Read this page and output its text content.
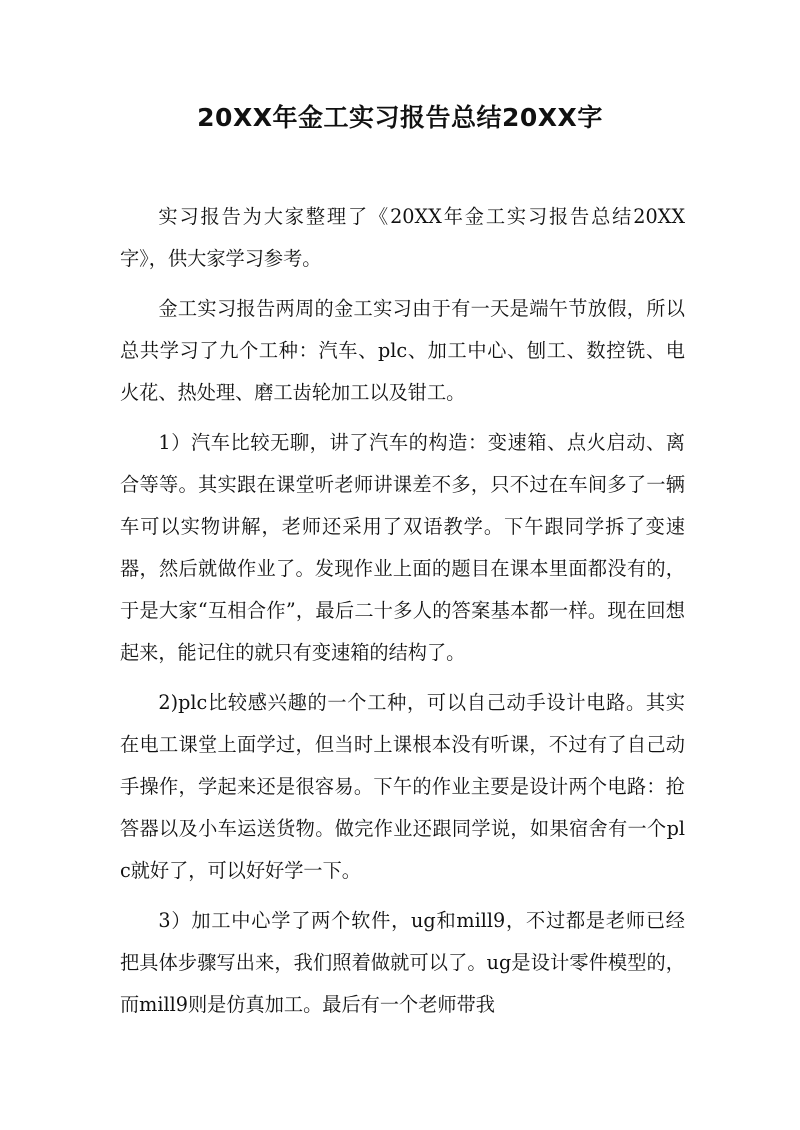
20XX年金工实习报告总结20XX字

实习报告为大家整理了《20XX年金工实习报告总结20XX字》，供大家学习参考。

金工实习报告两周的金工实习由于有一天是端午节放假，所以总共学习了九个工种：汽车、plc、加工中心、刨工、数控铣、电火花、热处理、磨工齿轮加工以及钳工。

1）汽车比较无聊，讲了汽车的构造：变速箱、点火启动、离合等等。其实跟在课堂听老师讲课差不多，只不过在车间多了一辆车可以实物讲解，老师还采用了双语教学。下午跟同学拆了变速器，然后就做作业了。发现作业上面的题目在课本里面都没有的，于是大家“互相合作”，最后二十多人的答案基本都一样。现在回想起来，能记住的就只有变速箱的结构了。

2)plc比较感兴趣的一个工种，可以自己动手设计电路。其实在电工课堂上面学过，但当时上课根本没有听课，不过有了自己动手操作，学起来还是很容易。下午的作业主要是设计两个电路：抢答器以及小车运送货物。做完作业还跟同学说，如果宿舍有一个plc就好了，可以好好学一下。

3）加工中心学了两个软件，ug和mill9，不过都是老师已经把具体步骤写出来，我们照着做就可以了。ug是设计零件模型的，而mill9则是仿真加工。最后有一个老师带我
